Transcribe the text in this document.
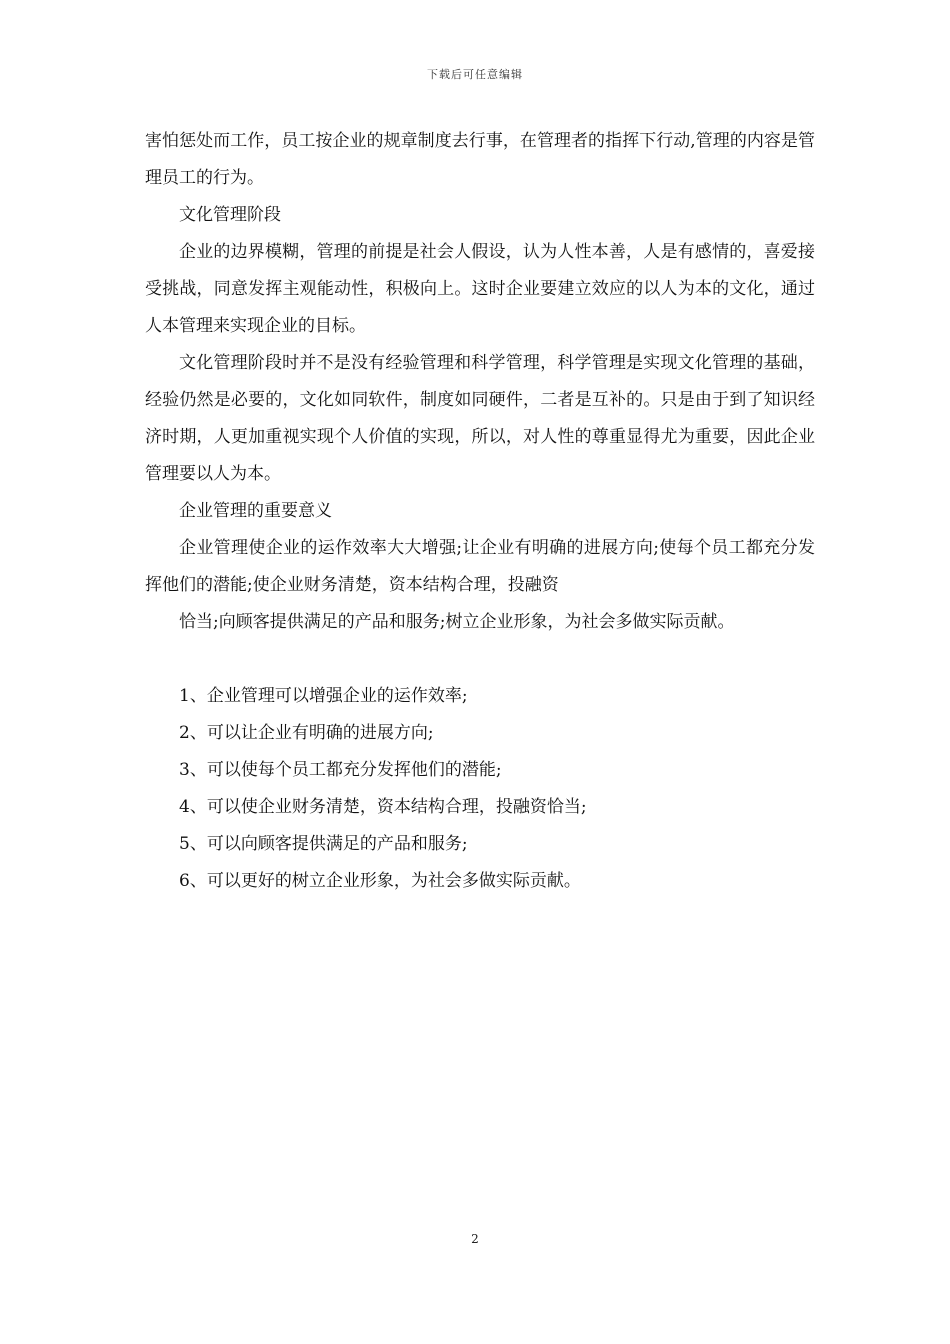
下载后可任意编辑

害怕惩处而工作，员工按企业的规章制度去行事，在管理者的指挥下行动,管理的内容是管理员工的行为。

文化管理阶段

企业的边界模糊，管理的前提是社会人假设，认为人性本善，人是有感情的，喜爱接受挑战，同意发挥主观能动性，积极向上。这时企业要建立效应的以人为本的文化，通过人本管理来实现企业的目标。

文化管理阶段时并不是没有经验管理和科学管理，科学管理是实现文化管理的基础，经验仍然是必要的，文化如同软件，制度如同硬件，二者是互补的。只是由于到了知识经济时期，人更加重视实现个人价值的实现，所以，对人性的尊重显得尤为重要，因此企业管理要以人为本。

企业管理的重要意义

企业管理使企业的运作效率大大增强;让企业有明确的进展方向;使每个员工都充分发挥他们的潜能;使企业财务清楚，资本结构合理，投融资

恰当;向顾客提供满足的产品和服务;树立企业形象，为社会多做实际贡献。

1、企业管理可以增强企业的运作效率;
2、可以让企业有明确的进展方向;
3、可以使每个员工都充分发挥他们的潜能;
4、可以使企业财务清楚，资本结构合理，投融资恰当;
5、可以向顾客提供满足的产品和服务;
6、可以更好的树立企业形象，为社会多做实际贡献。
2
